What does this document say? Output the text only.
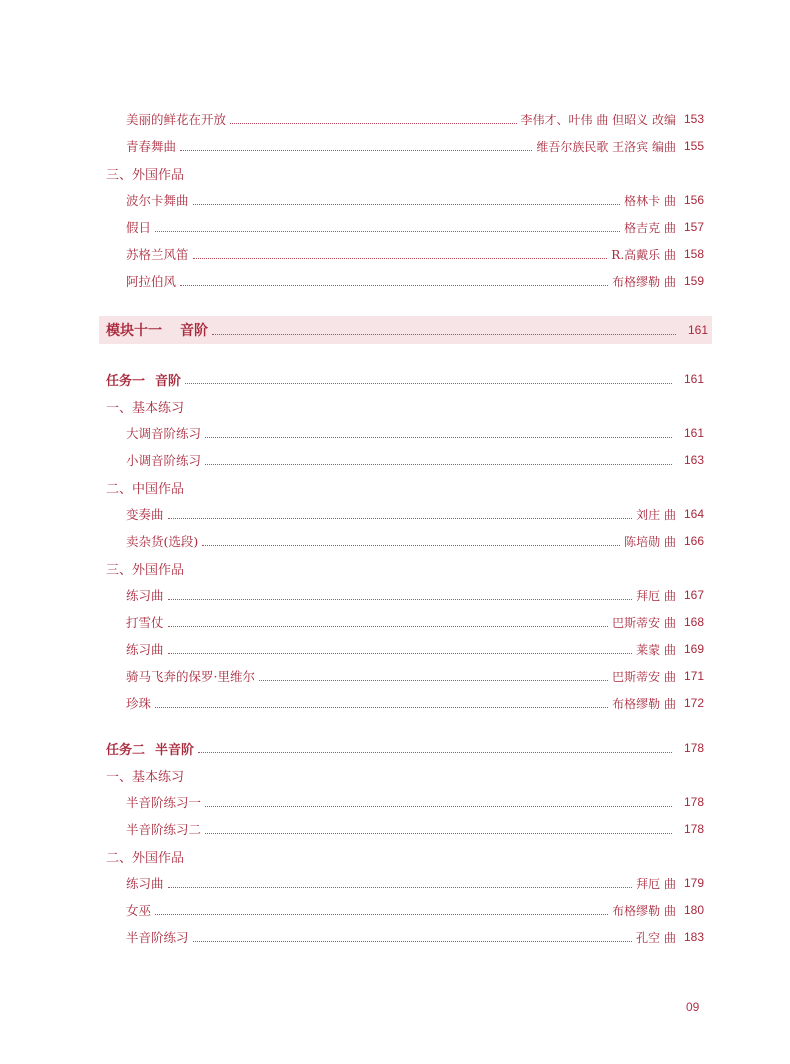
美丽的鲜花在开放	李伟才、叶伟 曲 但昭义 改编 153
青春舞曲	维吾尔族民歌 王洛宾 编曲 155
三、外国作品
波尔卡舞曲	格林卡 曲 156
假日	格吉克 曲 157
苏格兰风笛	R.高戴乐 曲 158
阿拉伯风	布格缪勒 曲 159
模块十一 音阶	161
任务一 音阶	161
一、基本练习
大调音阶练习	161
小调音阶练习	163
二、中国作品
变奏曲	刘庄 曲 164
卖杂货(选段)	陈培勋 曲 166
三、外国作品
练习曲	拜厄 曲 167
打雪仗	巴斯蒂安 曲 168
练习曲	莱蒙 曲 169
骑马飞奔的保罗·里维尔	巴斯蒂安 曲 171
珍珠	布格缪勒 曲 172
任务二 半音阶	178
一、基本练习
半音阶练习一	178
半音阶练习二	178
二、外国作品
练习曲	拜厄 曲 179
女巫	布格缪勒 曲 180
半音阶练习	孔空 曲 183
09
